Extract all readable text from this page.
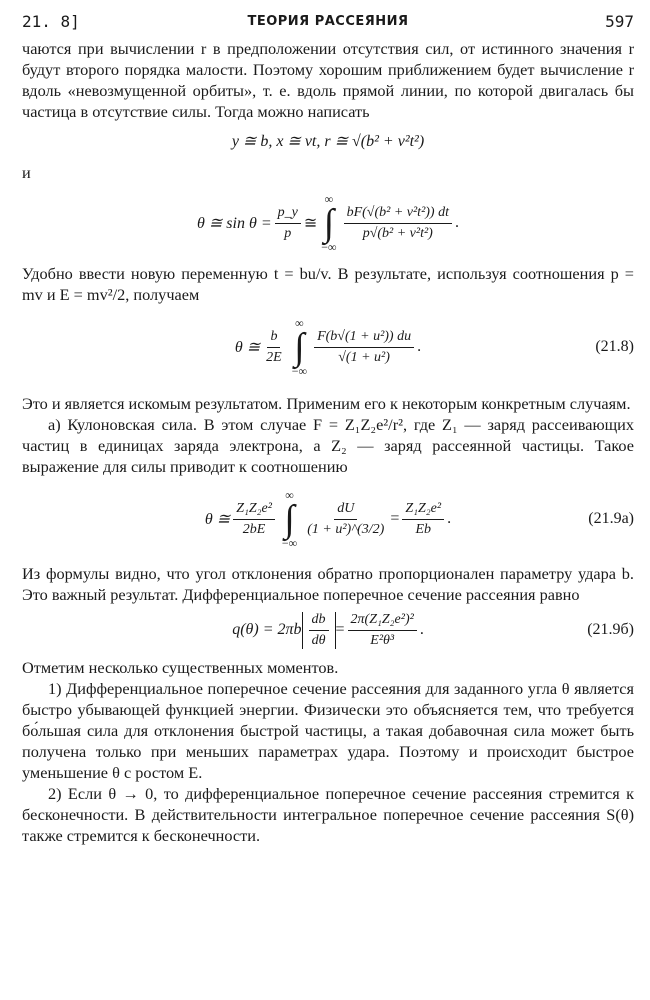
21. 8]	ТЕОРИЯ РАССЕЯНИЯ	597

чаются при вычислении r в предположении отсутствия сил, от истинного значения r будут второго порядка малости. Поэтому хорошим приближением будет вычисление r вдоль «невозмущенной орбиты», т. е. вдоль прямой линии, по которой двигалась бы частица в отсутствие силы. Тогда можно написать

y ≅ b, x ≅ vt, r ≅ √(b² + v²t²)

и

θ ≅ $\sin \theta = \frac{p\_y}{p}$ ≅
∞
∫
−∞
$\frac{\text{bF(√(b² + v²t²)) dt}}{\text{p√(b² + v²t²)}}$ .

Удобно ввести новую переменную t = bu/v. В результате, используя соотношения p = mv и E = mv²/2, получаем

θ ≅ $\frac{b}{2E}$
∞
∫
−∞
$\frac{\text{F(b√(1 + u²)) du}}{\text{√(1 + u²)}}$ .	(21.8)

Это и является искомым результатом. Применим его к некоторым конкретным случаям.

а) Кулоновская сила. В этом случае F = Z₁Z₂e²/r², где Z₁ — заряд рассеивающих частиц в единицах заряда электрона, а Z₂ — заряд рассеянной частицы. Такое выражение для силы приводит к соотношению

θ ≅ $\frac{\text{Z₁Z₂e²}}{2bE}$
∞
∫
−∞
$\frac{dU}{\text{(1 + u²)\textasciicircum{}(3/2)}} = \frac{\text{Z₁Z₂e²}}{Eb}$ .	(21.9а)

Из формулы видно, что угол отклонения обратно пропорционален параметру удара b. Это важный результат. Дифференциальное поперечное сечение рассеяния равно

$q(\theta) = 2\pi b \frac{db}{d\theta} = \frac{\text{2π(Z₁Z₂e²)²}}{\text{E²θ³}}$ .	(21.9б)

Отметим несколько существенных моментов.

1) Дифференциальное поперечное сечение рассеяния для заданного угла θ является быстро убывающей функцией энергии. Физически это объясняется тем, что требуется бо́льшая сила для отклонения быстрой частицы, а такая добавочная сила может быть получена только при меньших параметрах удара. Поэтому и происходит быстрое уменьшение θ с ростом E.

2) Если θ → 0, то дифференциальное поперечное сечение рассеяния стремится к бесконечности. В действительности интегральное поперечное сечение рассеяния S(θ) также стремится к бесконечности.
